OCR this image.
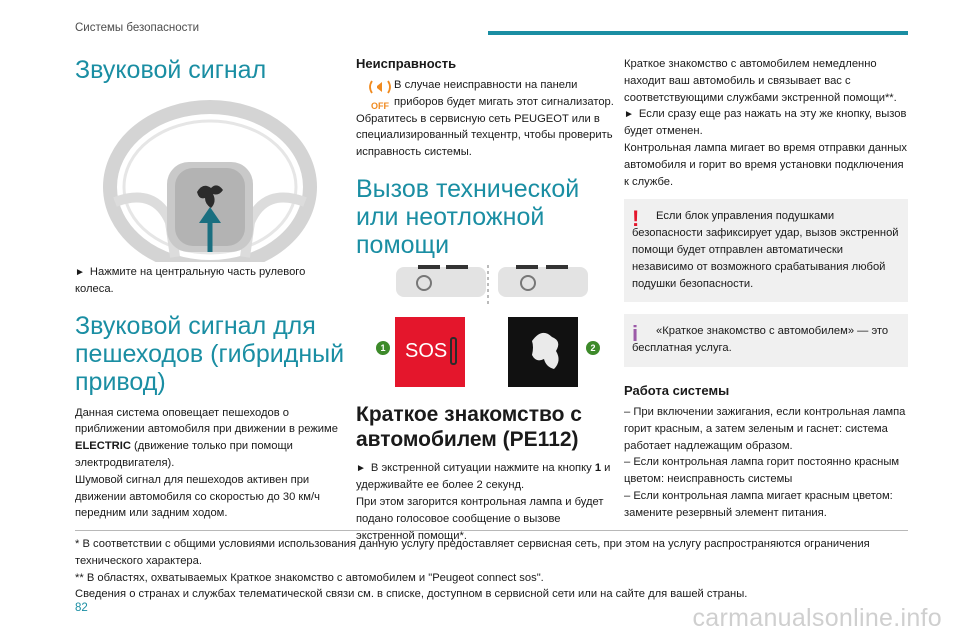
Системы безопасности
Звуковой сигнал

► Нажмите на центральную часть рулевого колеса.

Звуковой сигнал для пешеходов (гибридный привод)

Данная система оповещает пешеходов о приближении автомобиля при движении в режиме ELECTRIC (движение только при помощи электродвигателя).

Шумовой сигнал для пешеходов активен при движении автомобиля со скоростью до 30 км/ч передним или задним ходом.

Неисправность
OFF

В случае неисправности на панели приборов будет мигать этот сигнализатор.

Обратитесь в сервисную сеть PEUGEOT или в специализированный техцентр, чтобы проверить исправность системы.

Вызов технической или неотложной помощи
SOS
1	2
Краткое знакомство с автомобилем (PE112)

► В экстренной ситуации нажмите на кнопку 1 и удерживайте ее более 2 секунд.

При этом загорится контрольная лампа и будет подано голосовое сообщение о вызове экстренной помощи*.

Краткое знакомство с автомобилем немедленно находит ваш автомобиль и связывает вас с соответствующими службами экстренной помощи**.

► Если сразу еще раз нажать на эту же кнопку, вызов будет отменен.

Контрольная лампа мигает во время отправки данных автомобиля и горит во время установки подключения к службе.

!	Если блок управления подушками безопасности зафиксирует удар, вызов экстренной помощи будет отправлен автоматически независимо от возможного срабатывания любой подушки безопасности.

i	«Краткое знакомство с автомобилем» — это бесплатная услуга.

Работа системы

– При включении зажигания, если контрольная лампа горит красным, а затем зеленым и гаснет: система работает надлежащим образом.

– Если контрольная лампа горит постоянно красным цветом: неисправность системы

– Если контрольная лампа мигает красным цветом: замените резервный элемент питания.

* В соответствии с общими условиями использования данную услугу предоставляет сервисная сеть, при этом на услугу распространяются ограничения технического характера.

** В областях, охватываемых Краткое знакомство с автомобилем и "Peugeot connect sos".

Сведения о странах и службах телематической связи см. в списке, доступном в сервисной сети или на сайте для вашей страны.

82	carmanualsonline.info
